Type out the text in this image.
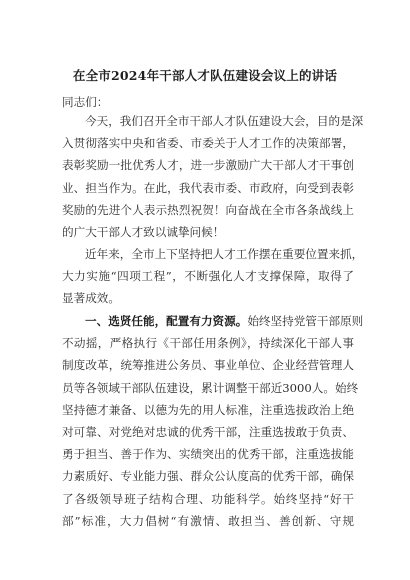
在全市2024年干部人才队伍建设会议上的讲话
同志们：

今天，我们召开全市干部人才队伍建设大会，目的是深
入贯彻落实中央和省委、市委关于人才工作的决策部署，
表彰奖励一批优秀人才，进一步激励广大干部人才干事创
业、担当作为。在此，我代表市委、市政府，向受到表彰
奖励的先进个人表示热烈祝贺！向奋战在全市各条战线上
的广大干部人才致以诚挚问候！

近年来，全市上下坚持把人才工作摆在重要位置来抓，
大力实施“四项工程”，不断强化人才支撑保障，取得了
显著成效。

一、选贤任能，配置有力资源。始终坚持党管干部原则
不动摇，严格执行《干部任用条例》，持续深化干部人事
制度改革，统筹推进公务员、事业单位、企业经营管理人
员等各领域干部队伍建设，累计调整干部近3000人。始终
坚持德才兼备、以德为先的用人标准，注重选拔政治上绝
对可靠、对党绝对忠诚的优秀干部，注重选拔敢于负责、
勇于担当、善于作为、实绩突出的优秀干部，注重选拔能
力素质好、专业能力强、群众公认度高的优秀干部，确保
了各级领导班子结构合理、功能科学。始终坚持“好干
部”标准，大力倡树“有激情、敢担当、善创新、守规
